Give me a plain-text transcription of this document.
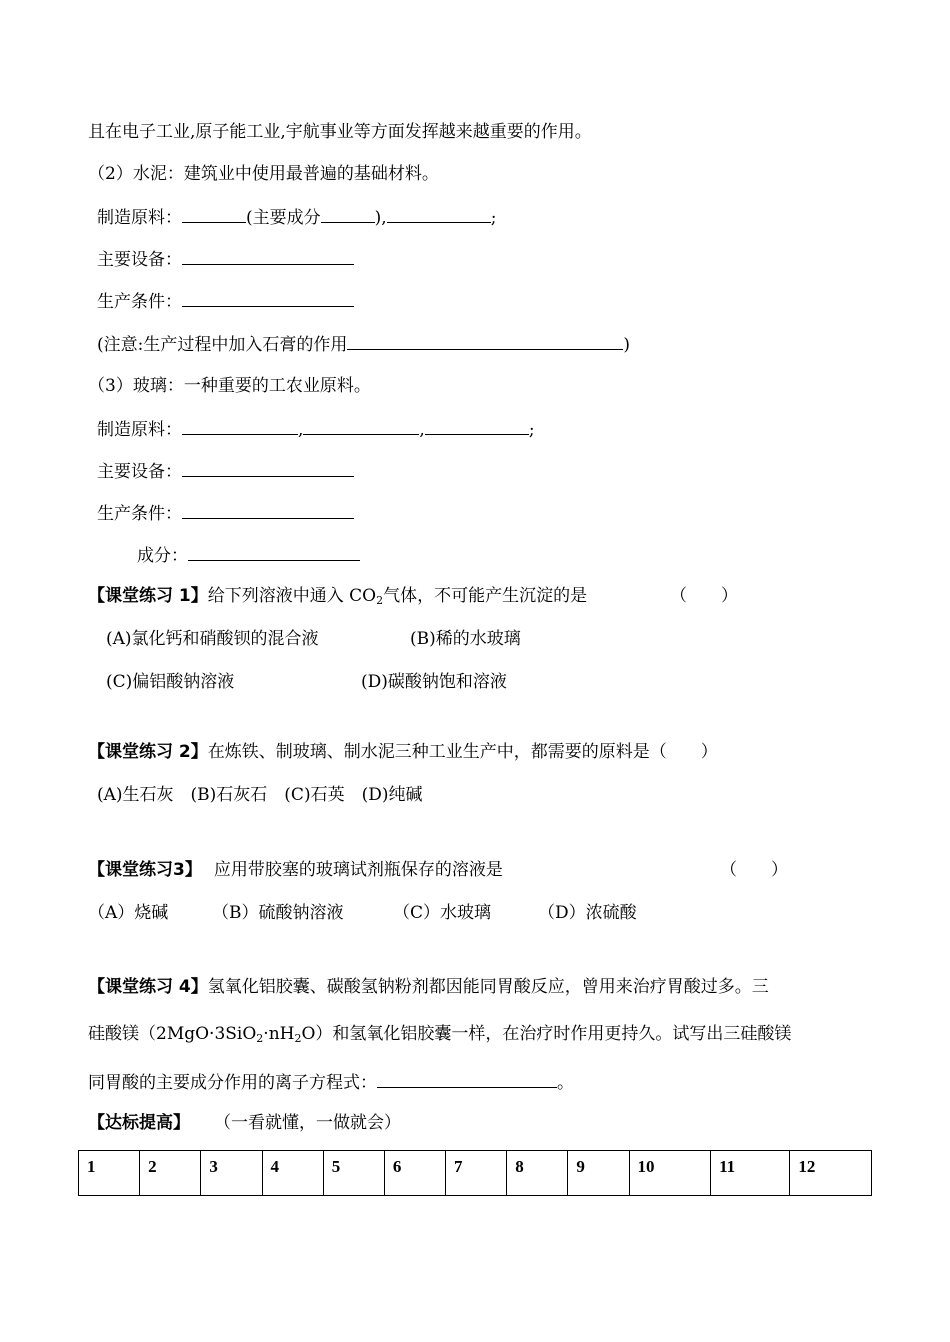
且在电子工业,原子能工业,宇航事业等方面发挥越来越重要的作用。
（2）水泥：建筑业中使用最普遍的基础材料。
制造原料：	(主要成分	),	;
主要设备：
生产条件：
(注意:生产过程中加入石膏的作用	)
（3）玻璃：一种重要的工农业原料。
制造原料：	,	,	;
主要设备：
生产条件：
成分：
【课堂练习 1】给下列溶液中通入 $CO_2$气体，不可能产生沉淀的是	（　　）
(A)氯化钙和硝酸钡的混合液	(B)稀的水玻璃
(C)偏铝酸钠溶液	(D)碳酸钠饱和溶液
【课堂练习 2】在炼铁、制玻璃、制水泥三种工业生产中，都需要的原料是（　　）
(A)生石灰　(B)石灰石　(C)石英　(D)纯碱
【课堂练习3】 应用带胶塞的玻璃试剂瓶保存的溶液是	（　　）
（A）烧碱	（B）硫酸钠溶液	（C）水玻璃	（D）浓硫酸
【课堂练习 4】氢氧化铝胶囊、碳酸氢钠粉剂都因能同胃酸反应，曾用来治疗胃酸过多。三
硅酸镁$(2MgO\cdot 3SiO_2\cdot nH_2O)$和氢氧化铝胶囊一样，在治疗时作用更持久。试写出三硅酸镁
同胃酸的主要成分作用的离子方程式：	。
【达标提高】 （一看就懂，一做就会）
1	2	3	4	5	6	7	8	9	10	11	12
